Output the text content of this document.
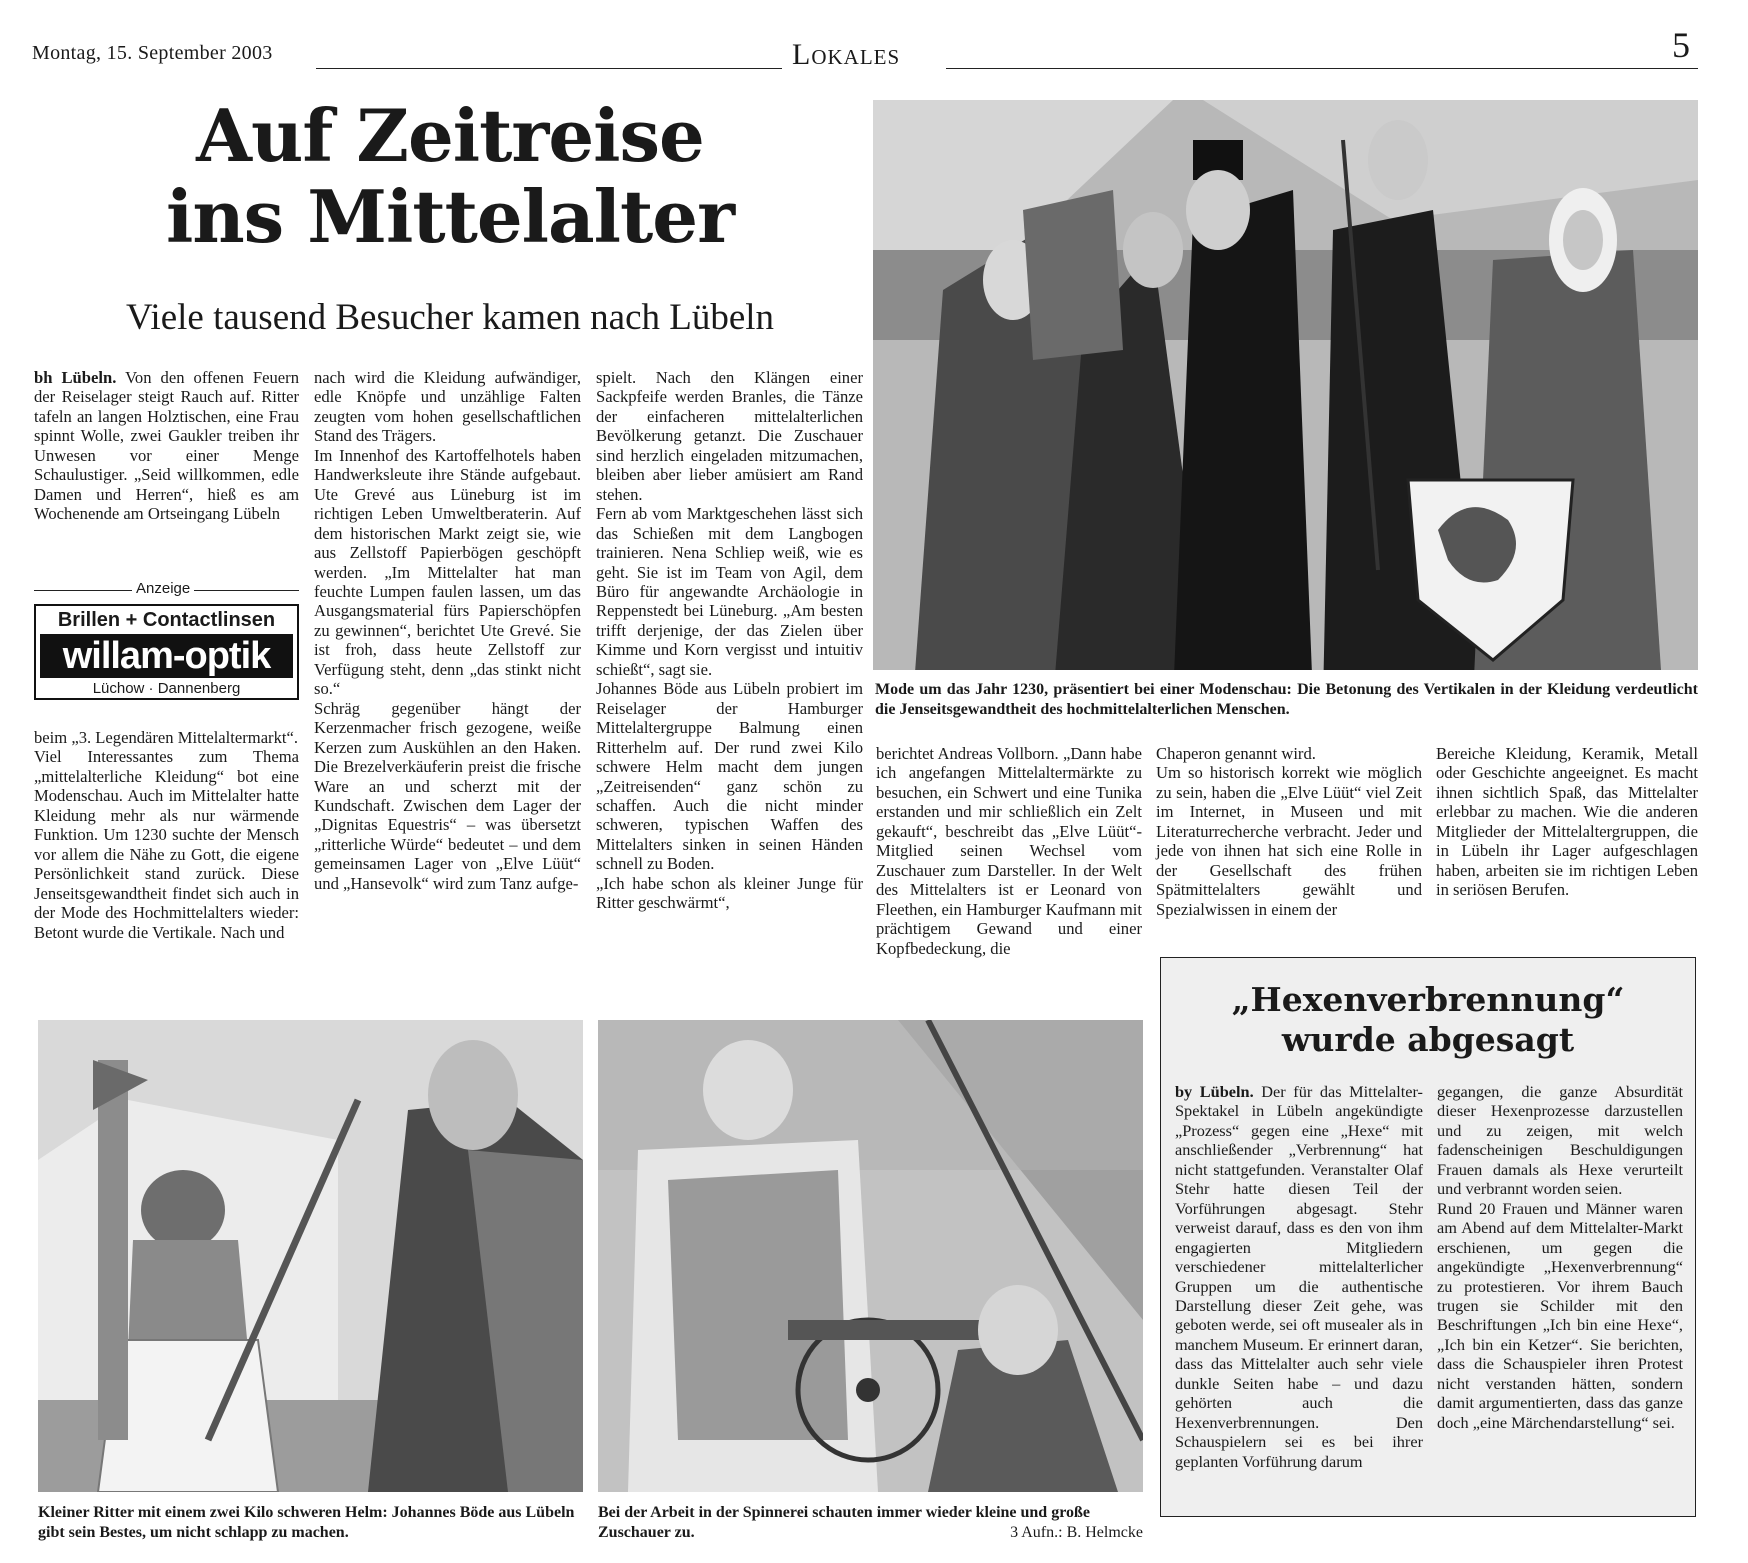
Montag, 15. September 2003	Lokales	5
Auf Zeitreise
ins Mittelalter
Viele tausend Besucher kamen nach Lübeln
bh Lübeln. Von den offenen Feuern der Reiselager steigt Rauch auf. Ritter tafeln an langen Holztischen, eine Frau spinnt Wolle, zwei Gaukler treiben ihr Unwesen vor einer Menge Schaulustiger. „Seid willkommen, edle Damen und Herren“, hieß es am Wochenende am Ortseingang Lübeln
Anzeige
Brillen + Contactlinsen
willam-optik
Lüchow · Dannenberg
beim „3. Legendären Mittelaltermarkt“.
Viel Interessantes zum Thema „mittelalterliche Kleidung“ bot eine Modenschau. Auch im Mittelalter hatte Kleidung mehr als nur wärmende Funktion. Um 1230 suchte der Mensch vor allem die Nähe zu Gott, die eigene Persönlichkeit stand zurück. Diese Jenseitsgewandtheit findet sich auch in der Mode des Hochmittelalters wieder: Betont wurde die Vertikale. Nach und
nach wird die Kleidung aufwändiger, edle Knöpfe und unzählige Falten zeugten vom hohen gesellschaftlichen Stand des Trägers.
Im Innenhof des Kartoffelhotels haben Handwerksleute ihre Stände aufgebaut. Ute Grevé aus Lüneburg ist im richtigen Leben Umweltberaterin. Auf dem historischen Markt zeigt sie, wie aus Zellstoff Papierbögen geschöpft werden. „Im Mittelalter hat man feuchte Lumpen faulen lassen, um das Ausgangsmaterial fürs Papierschöpfen zu gewinnen“, berichtet Ute Grevé. Sie ist froh, dass heute Zellstoff zur Verfügung steht, denn „das stinkt nicht so.“
Schräg gegenüber hängt der Kerzenmacher frisch gezogene, weiße Kerzen zum Auskühlen an den Haken. Die Brezelverkäuferin preist die frische Ware an und scherzt mit der Kundschaft. Zwischen dem Lager der „Dignitas Equestris“ – was übersetzt „ritterliche Würde“ bedeutet – und dem gemeinsamen Lager von „Elve Lüüt“ und „Hansevolk“ wird zum Tanz aufge-
spielt. Nach den Klängen einer Sackpfeife werden Branles, die Tänze der einfacheren mittelalterlichen Bevölkerung getanzt. Die Zuschauer sind herzlich eingeladen mitzumachen, bleiben aber lieber amüsiert am Rand stehen.
Fern ab vom Marktgeschehen lässt sich das Schießen mit dem Langbogen trainieren. Nena Schliep weiß, wie es geht. Sie ist im Team von Agil, dem Büro für angewandte Archäologie in Reppenstedt bei Lüneburg. „Am besten trifft derjenige, der das Zielen über Kimme und Korn vergisst und intuitiv schießt“, sagt sie.
Johannes Böde aus Lübeln probiert im Reiselager der Hamburger Mittelaltergruppe Balmung einen Ritterhelm auf. Der rund zwei Kilo schwere Helm macht dem jungen „Zeitreisenden“ ganz schön zu schaffen. Auch die nicht minder schweren, typischen Waffen des Mittelalters sinken in seinen Händen schnell zu Boden.
„Ich habe schon als kleiner Junge für Ritter geschwärmt“,
Mode um das Jahr 1230, präsentiert bei einer Modenschau: Die Betonung des Vertikalen in der Kleidung verdeutlicht die Jenseitsgewandtheit des hochmittelalterlichen Menschen.
berichtet Andreas Vollborn. „Dann habe ich angefangen Mittelaltermärkte zu besuchen, ein Schwert und eine Tunika erstanden und mir schließlich ein Zelt gekauft“, beschreibt das „Elve Lüüt“-Mitglied seinen Wechsel vom Zuschauer zum Darsteller. In der Welt des Mittelalters ist er Leonard von Fleethen, ein Hamburger Kaufmann mit prächtigem Gewand und einer Kopfbedeckung, die
Chaperon genannt wird.
Um so historisch korrekt wie möglich zu sein, haben die „Elve Lüüt“ viel Zeit im Internet, in Museen und mit Literaturrecherche verbracht. Jeder und jede von ihnen hat sich eine Rolle in der Gesellschaft des frühen Spätmittelalters gewählt und Spezialwissen in einem der
Bereiche Kleidung, Keramik, Metall oder Geschichte angeeignet. Es macht ihnen sichtlich Spaß, das Mittelalter erlebbar zu machen. Wie die anderen Mitglieder der Mittelaltergruppen, die in Lübeln ihr Lager aufgeschlagen haben, arbeiten sie im richtigen Leben in seriösen Berufen.
Kleiner Ritter mit einem zwei Kilo schweren Helm: Johannes Böde aus Lübeln gibt sein Bestes, um nicht schlapp zu machen.
Bei der Arbeit in der Spinnerei schauten immer wieder kleine und große Zuschauer zu.	3 Aufn.: B. Helmcke
„Hexenverbrennung“
wurde abgesagt
by Lübeln. Der für das Mittelalter-Spektakel in Lübeln angekündigte „Prozess“ gegen eine „Hexe“ mit anschließender „Verbrennung“ hat nicht stattgefunden. Veranstalter Olaf Stehr hatte diesen Teil der Vorführungen abgesagt. Stehr verweist darauf, dass es den von ihm engagierten Mitgliedern verschiedener mittelalterlicher Gruppen um die authentische Darstellung dieser Zeit gehe, was geboten werde, sei oft musealer als in manchem Museum. Er erinnert daran, dass das Mittelalter auch sehr viele dunkle Seiten habe – und dazu gehörten auch die Hexenverbrennungen. Den Schauspielern sei es bei ihrer geplanten Vorführung darum
gegangen, die ganze Absurdität dieser Hexenprozesse darzustellen und zu zeigen, mit welch fadenscheinigen Beschuldigungen Frauen damals als Hexe verurteilt und verbrannt worden seien.
Rund 20 Frauen und Männer waren am Abend auf dem Mittelalter-Markt erschienen, um gegen die angekündigte „Hexenverbrennung“ zu protestieren. Vor ihrem Bauch trugen sie Schilder mit den Beschriftungen „Ich bin eine Hexe“, „Ich bin ein Ketzer“. Sie berichten, dass die Schauspieler ihren Protest nicht verstanden hätten, sondern damit argumentierten, dass das ganze doch „eine Märchendarstellung“ sei.
